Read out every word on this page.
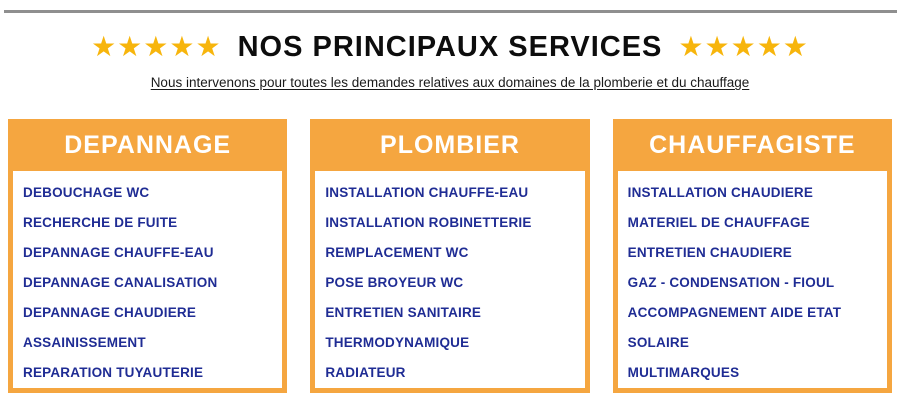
★★★★★ NOS PRINCIPAUX SERVICES ★★★★★
Nous intervenons pour toutes les demandes relatives aux domaines de la plomberie et du chauffage
DEPANNAGE
DEBOUCHAGE WC
RECHERCHE DE FUITE
DEPANNAGE CHAUFFE-EAU
DEPANNAGE CANALISATION
DEPANNAGE CHAUDIERE
ASSAINISSEMENT
REPARATION TUYAUTERIE
PLOMBIER
INSTALLATION CHAUFFE-EAU
INSTALLATION ROBINETTERIE
REMPLACEMENT WC
POSE BROYEUR WC
ENTRETIEN SANITAIRE
THERMODYNAMIQUE
RADIATEUR
CHAUFFAGISTE
INSTALLATION CHAUDIERE
MATERIEL DE CHAUFFAGE
ENTRETIEN CHAUDIERE
GAZ - CONDENSATION - FIOUL
ACCOMPAGNEMENT AIDE ETAT
SOLAIRE
MULTIMARQUES
